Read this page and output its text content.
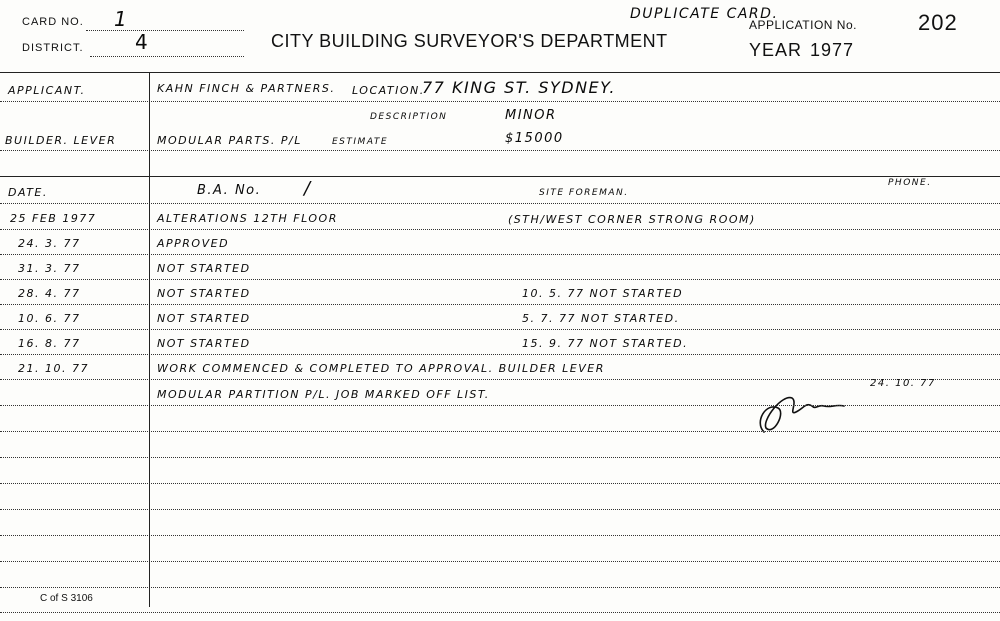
CARD NO. 1
DISTRICT.	4	CITY BUILDING SURVEYOR'S DEPARTMENT
DUPLICATE CARD.
APPLICATION No.	202
YEAR 1977
APPLICANT.	KAHN FINCH & PARTNERS. LOCATION.
77 KING ST. SYDNEY.
DESCRIPTION	MINOR
BUILDER. LEVER	MODULAR PARTS. P/L	ESTIMATE	$15000
DATE.	B.A. No. /	SITE FOREMAN.
PHONE.
25 FEB 1977	ALTERATIONS 12TH FLOOR	(STH/WEST CORNER STRONG ROOM)
24. 3. 77	APPROVED
31. 3. 77	NOT STARTED
28. 4. 77	NOT STARTED	10. 5. 77 NOT STARTED
10. 6. 77	NOT STARTED	5. 7. 77 NOT STARTED.
16. 8. 77	NOT STARTED	15. 9. 77 NOT STARTED.
21. 10. 77	WORK COMMENCED & COMPLETED TO APPROVAL. BUILDER LEVER
MODULAR PARTITION P/L. JOB MARKED OFF LIST.
24. 10. 77
C of S 3106
